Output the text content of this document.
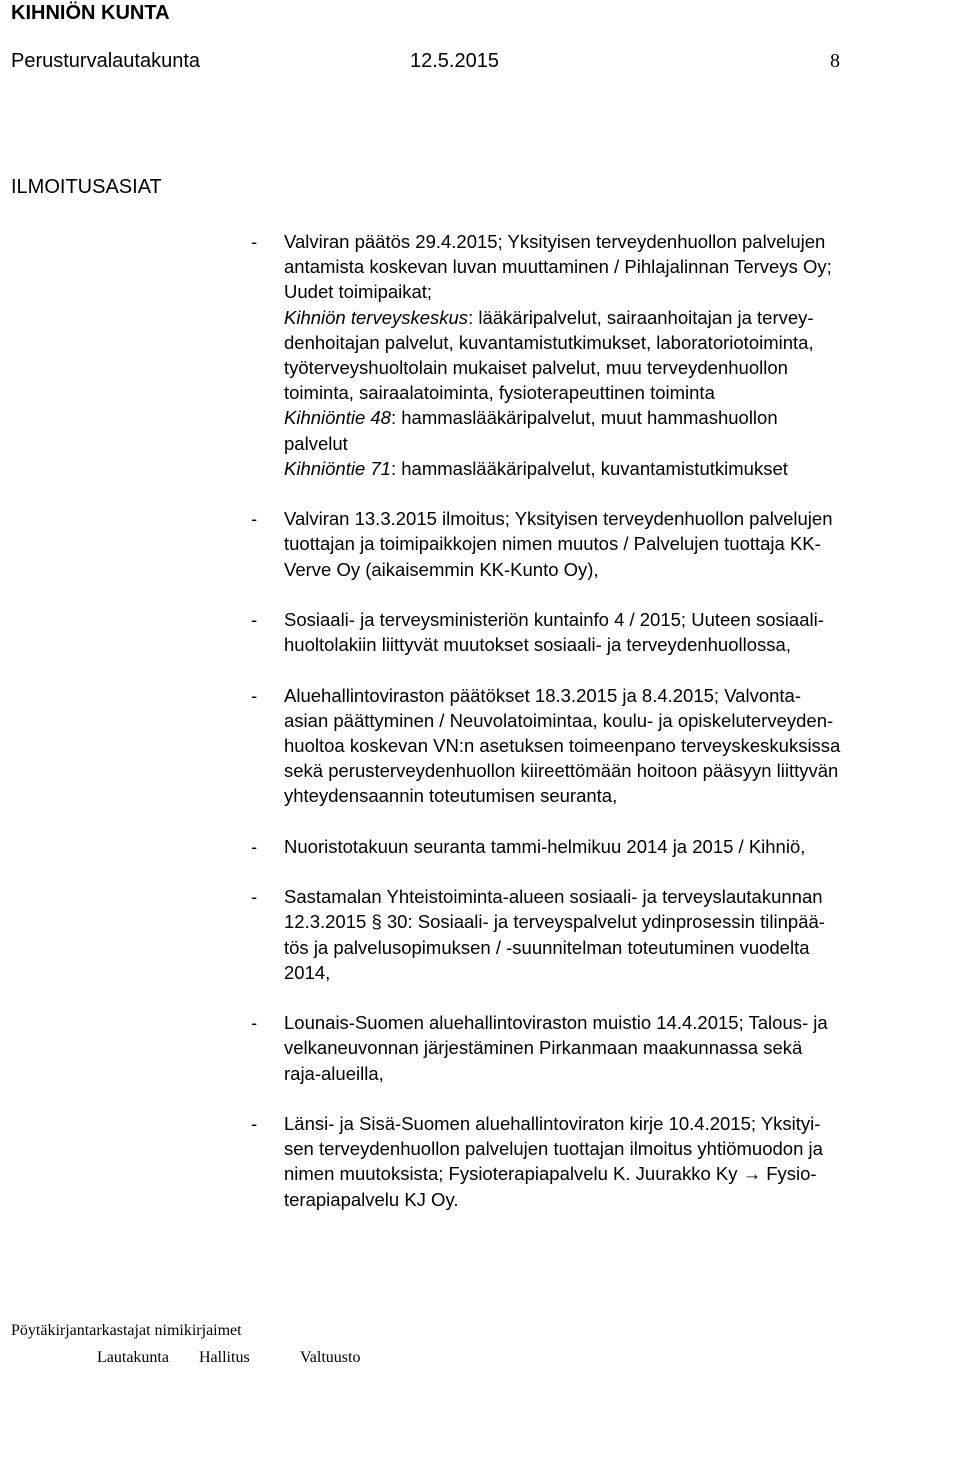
KIHNIÖN KUNTA
Perusturvalautakunta	12.5.2015	8
ILMOITUSASIAT
- Valviran päätös 29.4.2015; Yksityisen terveydenhuollon palvelujen
antamista koskevan luvan muuttaminen / Pihlajalinnan Terveys Oy;
Uudet toimipaikat;
Kihniön terveyskeskus: lääkäripalvelut, sairaanhoitajan ja tervey-
denhoitajan palvelut, kuvantamistutkimukset, laboratoriotoiminta,
työterveyshuoltolain mukaiset palvelut, muu terveydenhuollon
toiminta, sairaalatoiminta, fysioterapeuttinen toiminta
Kihniöntie 48: hammaslääkäripalvelut, muut hammashuollon
palvelut
Kihniöntie 71: hammaslääkäripalvelut, kuvantamistutkimukset
- Valviran 13.3.2015 ilmoitus; Yksityisen terveydenhuollon palvelujen
tuottajan ja toimipaikkojen nimen muutos / Palvelujen tuottaja KK-
Verve Oy (aikaisemmin KK-Kunto Oy),
- Sosiaali- ja terveysministeriön kuntainfo 4 / 2015; Uuteen sosiaali-
huoltolakiin liittyvät muutokset sosiaali- ja terveydenhuollossa,
- Aluehallintoviraston päätökset 18.3.2015 ja 8.4.2015; Valvonta-
asian päättyminen / Neuvolatoimintaa, koulu- ja opiskeluterveyden-
huoltoa koskevan VN:n asetuksen toimeenpano terveyskeskuksissa
sekä perusterveydenhuollon kiireettömään hoitoon pääsyyn liittyvän
yhteydensaannin toteutumisen seuranta,
- Nuoristotakuun seuranta tammi-helmikuu 2014 ja 2015 / Kihniö,
- Sastamalan Yhteistoiminta-alueen sosiaali- ja terveyslautakunnan
12.3.2015 § 30: Sosiaali- ja terveyspalvelut ydinprosessin tilinpää-
tös ja palvelusopimuksen / -suunnitelman toteutuminen vuodelta
2014,
- Lounais-Suomen aluehallintoviraston muistio 14.4.2015; Talous- ja
velkaneuvonnan järjestäminen Pirkanmaan maakunnassa sekä
raja-alueilla,
- Länsi- ja Sisä-Suomen aluehallintoviraton kirje 10.4.2015; Yksityi-
sen terveydenhuollon palvelujen tuottajan ilmoitus yhtiömuodon ja
nimen muutoksista; Fysioterapiapalvelu K. Juurakko Ky → Fysio-
terapiapalvelu KJ Oy.
Pöytäkirjantarkastajat nimikirjaimet
Lautakunta Hallitus	Valtuusto
